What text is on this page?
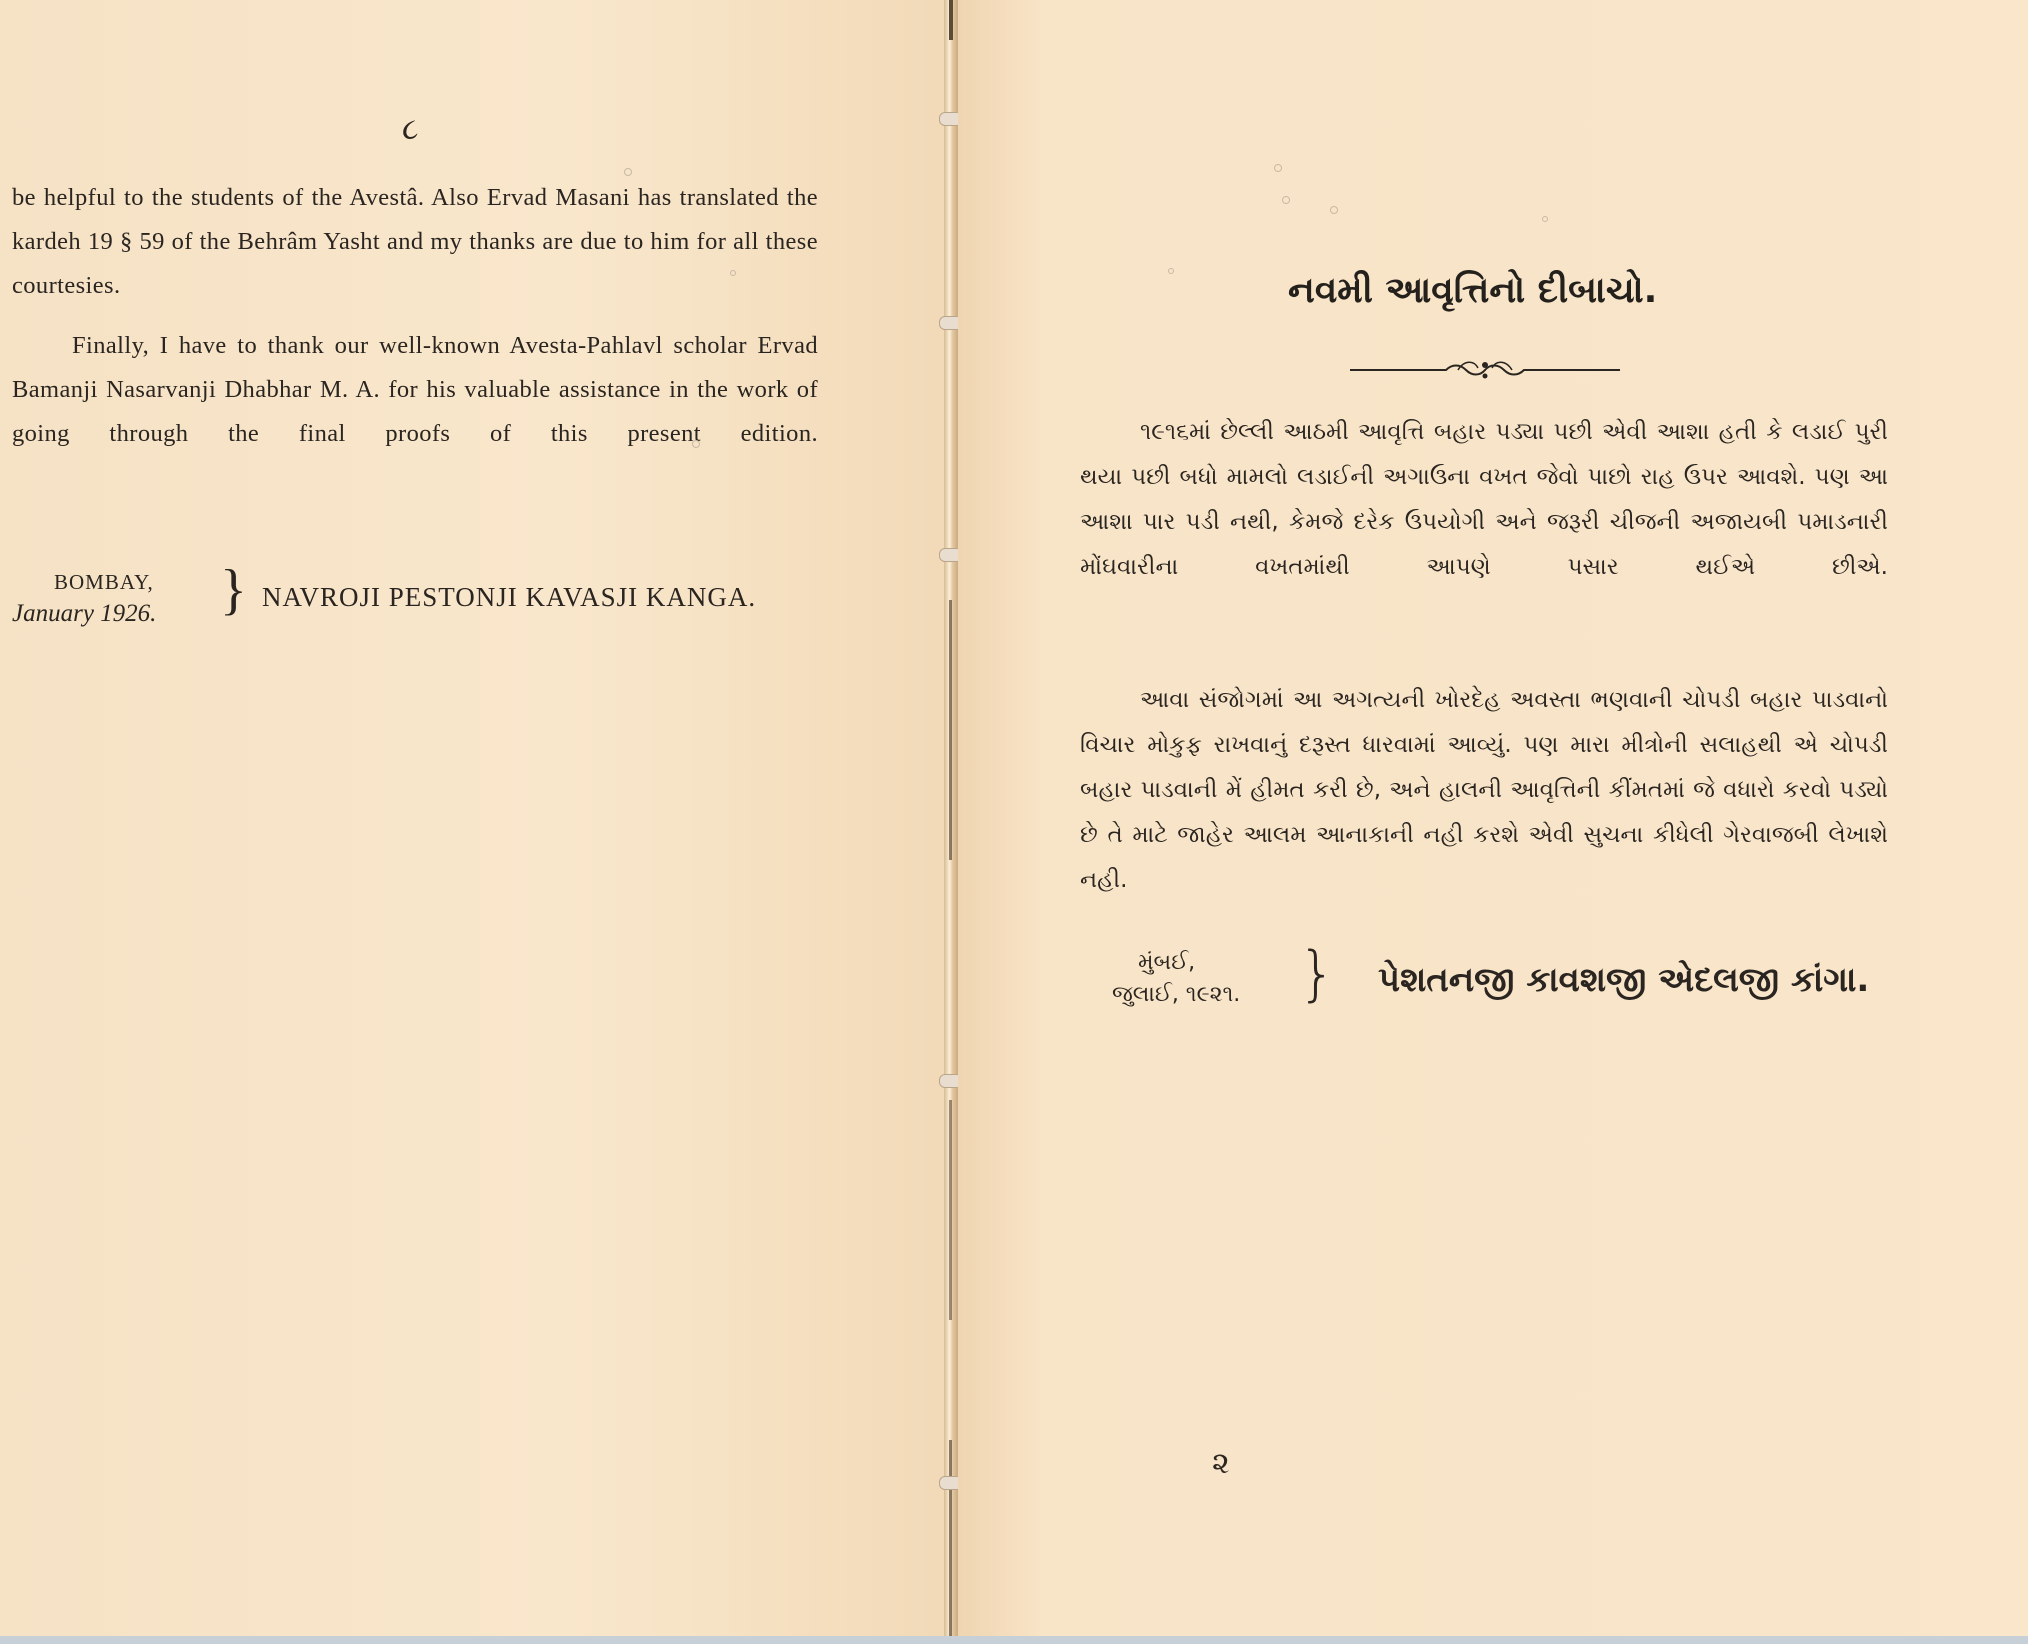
૮

be helpful to the students of the Avestâ. Also Ervad Masani has translated the kardeh 19 § 59 of the Behrâm Yasht and my thanks are due to him for all these courtesies.

Finally, I have to thank our well-known Avesta-Pahlavl scholar Ervad Bamanji Nasarvanji Dhabhar M. A. for his valuable assistance in the work of going through the final proofs of this present edition.

BOMBAY,
January 1926. } NAVROJI PESTONJI KAVASJI KANGA.
નવમી આવૃત્તિનો દીબાચો.

૧૯૧૬માં છેલ્લી આઠમી આવૃત્તિ બહાર પડ્યા પછી એવી આશા હતી કે લડાઈ પુરી થયા પછી બધો મામલો લડાઈની અગાઉના વખત જેવો પાછો રાહ ઉપર આવશે. પણ આ આશા પાર પડી નથી, કેમજે દરેક ઉપયોગી અને જરૂરી ચીજની અજાયબી પમાડનારી મોંઘવારીના વખતમાંથી આપણે પસાર થઈએ છીએ.

આવા સંજોગમાં આ અગત્યની ખોરદેહ અવસ્તા ભણવાની ચોપડી બહાર પાડવાનો વિચાર મોકુફ રાખવાનું દરૂસ્ત ધારવામાં આવ્યું. પણ મારા મીત્રોની સલાહથી એ ચોપડી બહાર પાડવાની મેં હીમત કરી છે, અને હાલની આવૃત્તિની કીંમતમાં જે વધારો કરવો પડ્યો છે તે માટે જાહેર આલમ આનાકાની નહી કરશે એવી સુચના કીધેલી ગેરવાજબી લેખાશે નહી.

મુંબઈ,
જુલાઈ, ૧૯૨૧. } પેશતનજી કાવશજી એદલજી કાંગા.
૨
